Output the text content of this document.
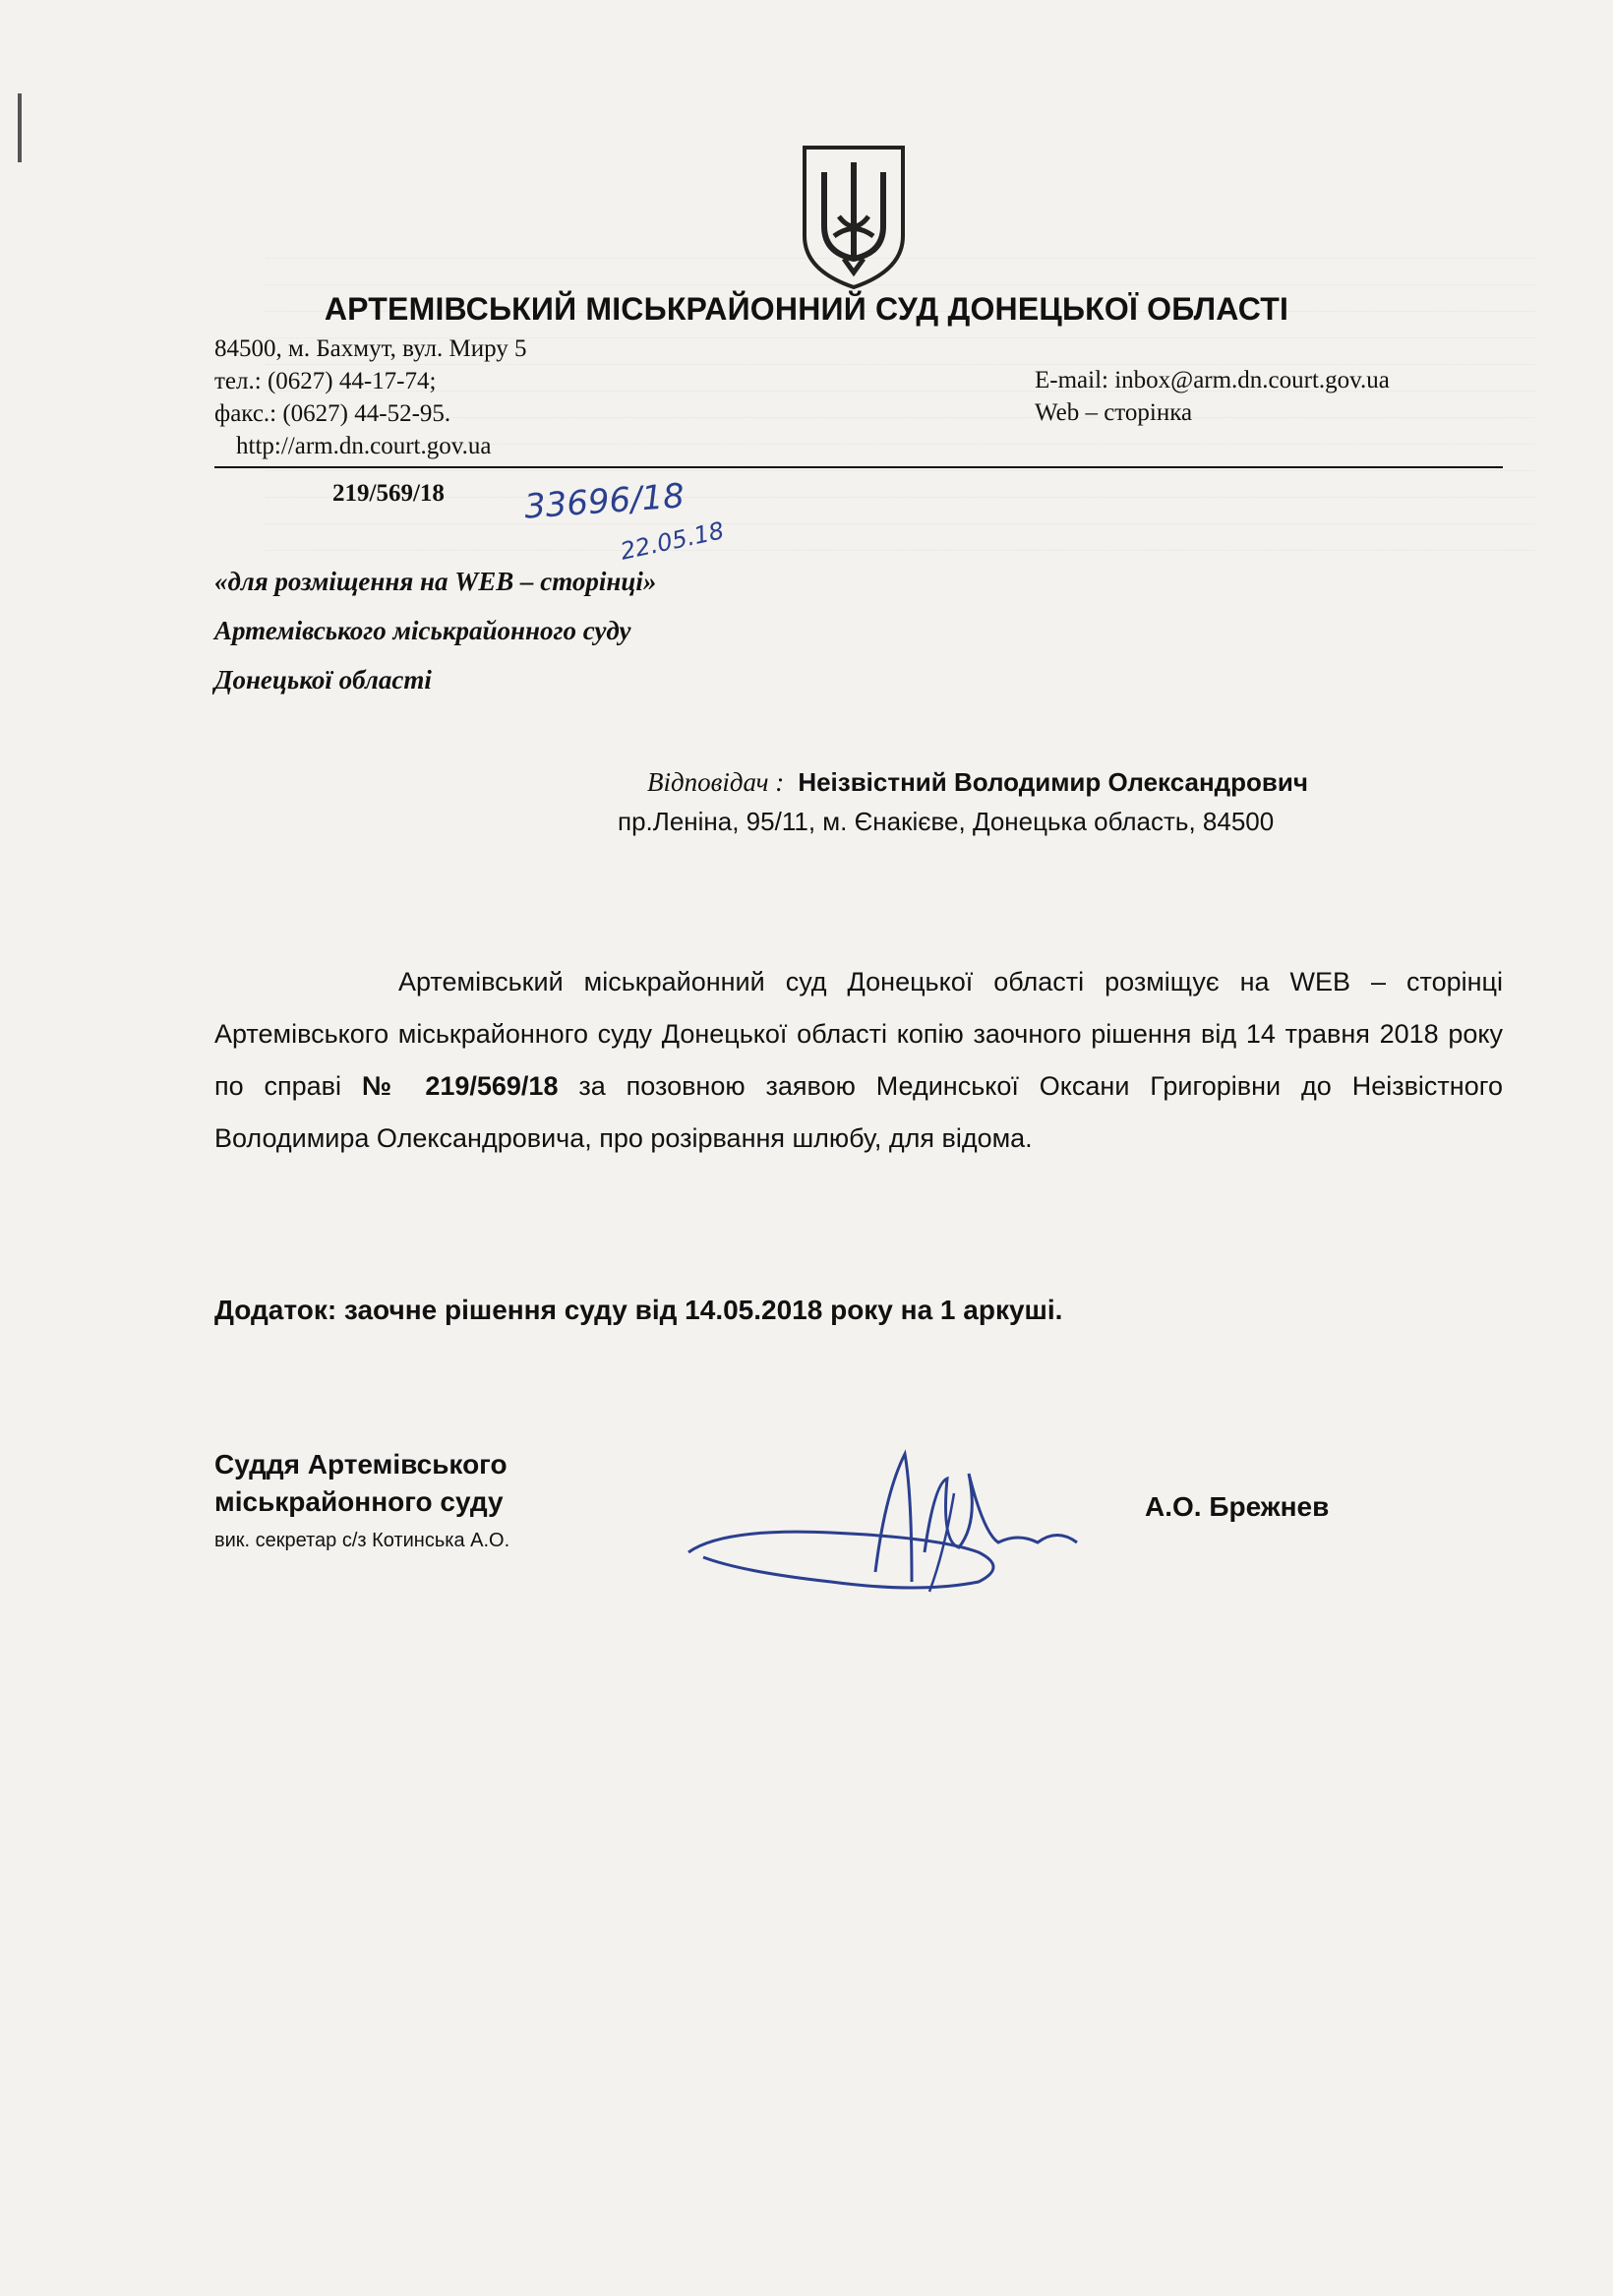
АРТЕМІВСЬКИЙ МІСЬКРАЙОННИЙ СУД ДОНЕЦЬКОЇ ОБЛАСТІ
84500, м. Бахмут, вул. Миру 5
тел.: (0627) 44-17-74;
факс.: (0627) 44-52-95.
http://arm.dn.court.gov.ua
E-mail: inbox@arm.dn.court.gov.ua
Web – сторінка
219/569/18 33696/18
22.05.18
«для розміщення на WEB – сторінці»
Артемівського міськрайонного суду
Донецької області
Відповідач : Неізвістний Володимир Олександрович
пр.Леніна, 95/11, м. Єнакієве, Донецька область, 84500
Артемівський міськрайонний суд Донецької області розміщує на WEB – сторінці Артемівського міськрайонного суду Донецької області копію заочного рішення від 14 травня 2018 року по справі № 219/569/18 за позовною заявою Мединської Оксани Григорівни до Неізвістного Володимира Олександровича, про розірвання шлюбу, для відома.
Додаток: заочне рішення суду від 14.05.2018 року на 1 аркуші.
Суддя Артемівського
міськрайонного суду
вик. секретар с/з Котинська А.О.
А.О. Брежнев
